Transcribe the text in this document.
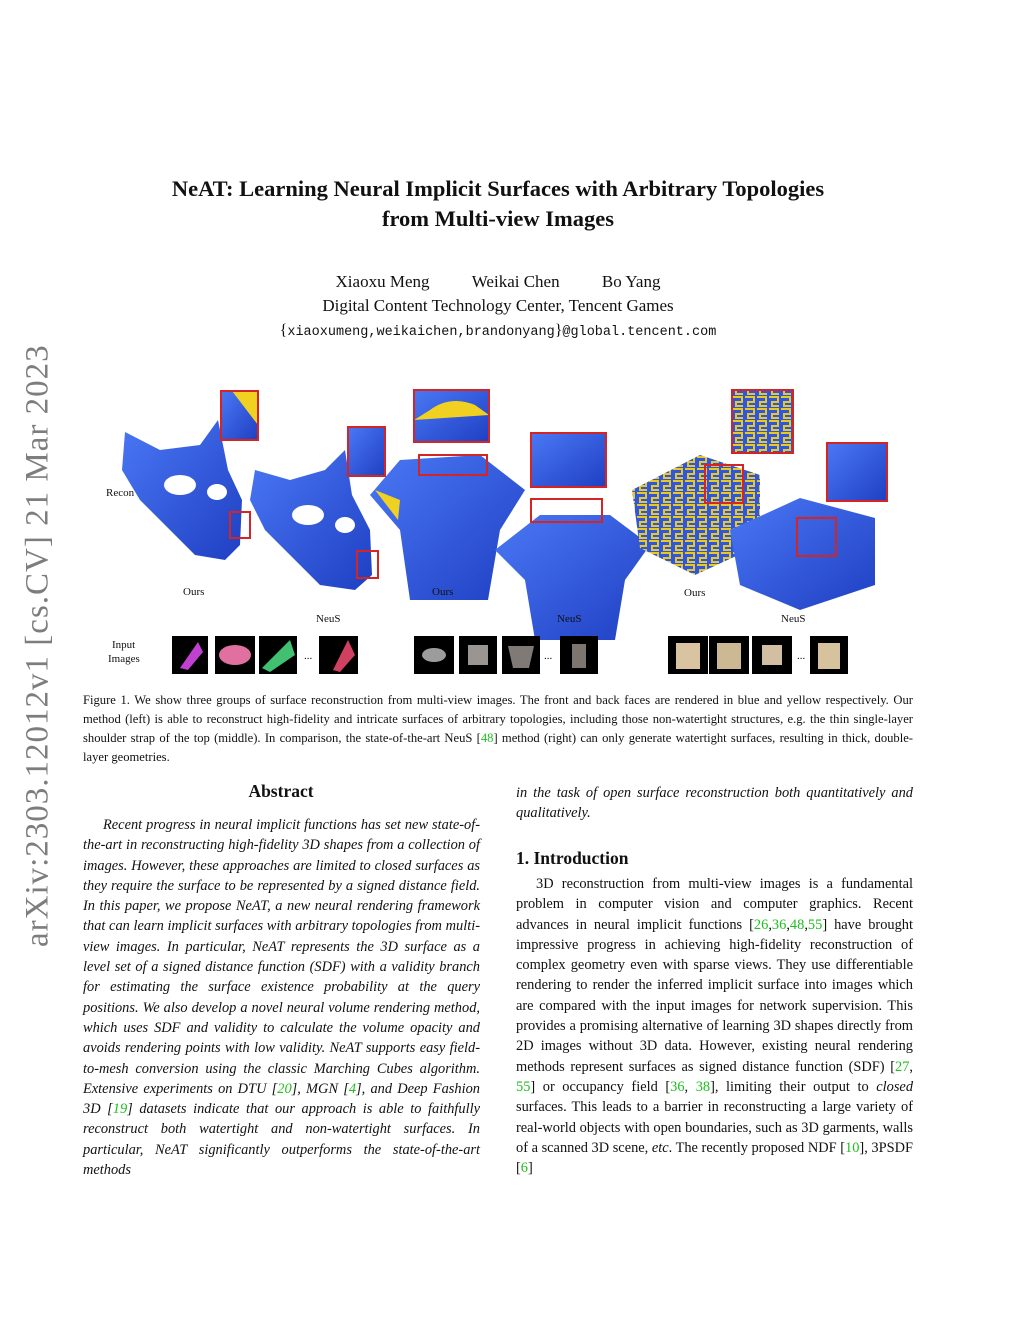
arXiv:2303.12012v1 [cs.CV] 21 Mar 2023
NeAT: Learning Neural Implicit Surfaces with Arbitrary Topologies
from Multi-view Images
Xiaoxu Meng Weikai Chen Bo Yang
Digital Content Technology Center, Tencent Games
{xiaoxumeng,weikaichen,brandonyang}@global.tencent.com
Recon
Input
Images
Ours
NeuS
Ours
NeuS
Ours
NeuS
...	...	...
Figure 1. We show three groups of surface reconstruction from multi-view images. The front and back faces are rendered in blue and yellow respectively. Our method (left) is able to reconstruct high-fidelity and intricate surfaces of arbitrary topologies, including those non-watertight structures, e.g. the thin single-layer shoulder strap of the top (middle). In comparison, the state-of-the-art NeuS [48] method (right) can only generate watertight surfaces, resulting in thick, double-layer geometries.
Abstract
Recent progress in neural implicit functions has set new state-of-the-art in reconstructing high-fidelity 3D shapes from a collection of images. However, these approaches are limited to closed surfaces as they require the surface to be represented by a signed distance field. In this paper, we propose NeAT, a new neural rendering framework that can learn implicit surfaces with arbitrary topologies from multi-view images. In particular, NeAT represents the 3D surface as a level set of a signed distance function (SDF) with a validity branch for estimating the surface existence probability at the query positions. We also develop a novel neural volume rendering method, which uses SDF and validity to calculate the volume opacity and avoids rendering points with low validity. NeAT supports easy field-to-mesh conversion using the classic Marching Cubes algorithm. Extensive experiments on DTU [20], MGN [4], and Deep Fashion 3D [19] datasets indicate that our approach is able to faithfully reconstruct both watertight and non-watertight surfaces. In particular, NeAT significantly outperforms the state-of-the-art methods
in the task of open surface reconstruction both quantitatively and qualitatively.
1. Introduction
3D reconstruction from multi-view images is a fundamental problem in computer vision and computer graphics. Recent advances in neural implicit functions [26,36,48,55] have brought impressive progress in achieving high-fidelity reconstruction of complex geometry even with sparse views. They use differentiable rendering to render the inferred implicit surface into images which are compared with the input images for network supervision. This provides a promising alternative of learning 3D shapes directly from 2D images without 3D data. However, existing neural rendering methods represent surfaces as signed distance function (SDF) [27, 55] or occupancy field [36, 38], limiting their output to closed surfaces. This leads to a barrier in reconstructing a large variety of real-world objects with open boundaries, such as 3D garments, walls of a scanned 3D scene, etc. The recently proposed NDF [10], 3PSDF [6]
